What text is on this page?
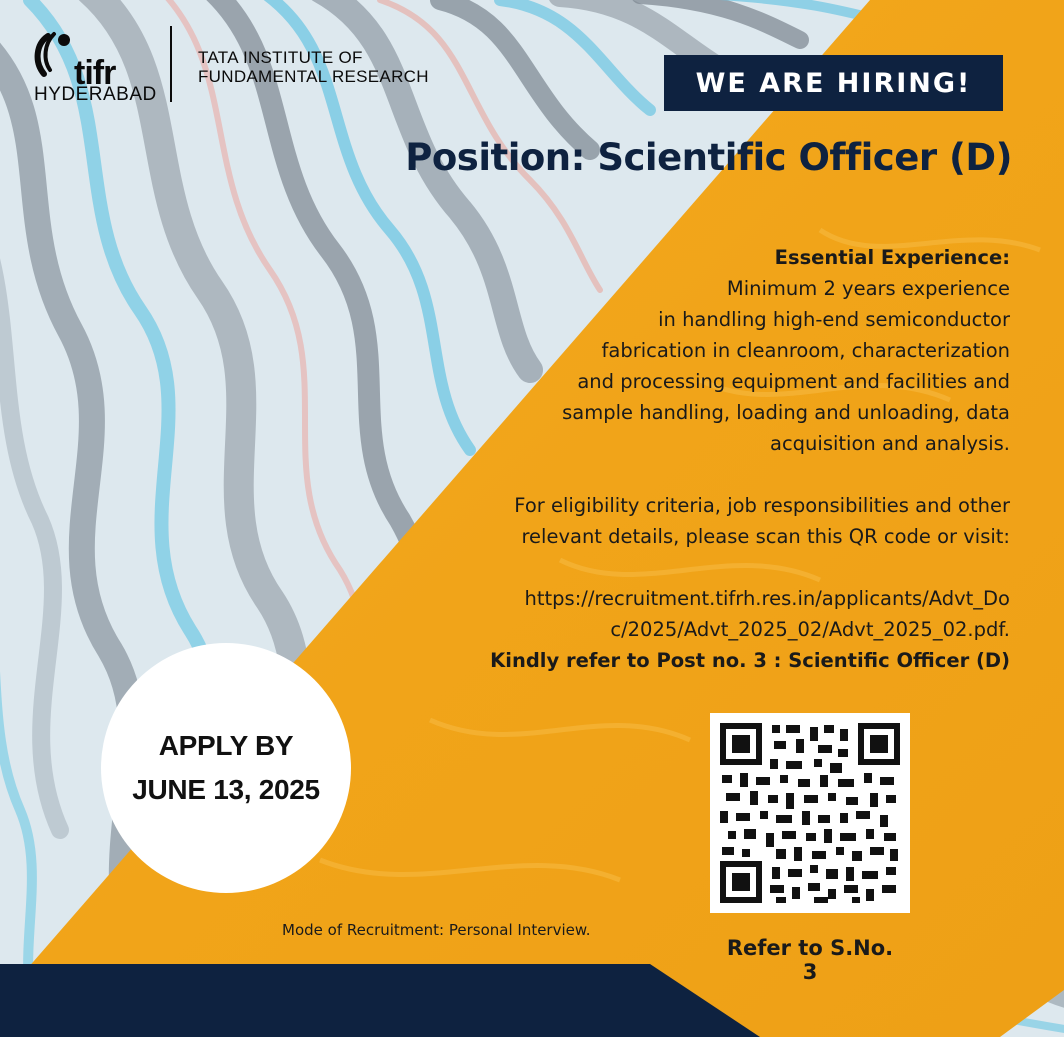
tifr
HYDERABAD
TATA INSTITUTE OF
FUNDAMENTAL RESEARCH	WE ARE HIRING!
Position: Scientific Officer (D)
Essential Experience:
Minimum 2 years experience
in handling high-end semiconductor
fabrication in cleanroom, characterization
and processing equipment and facilities and
sample handling, loading and unloading, data
acquisition and analysis.
For eligibility criteria, job responsibilities and other
relevant details, please scan this QR code or visit:
https://recruitment.tifrh.res.in/applicants/Advt_Do
c/2025/Advt_2025_02/Advt_2025_02.pdf.
Kindly refer to Post no. 3 : Scientific Officer (D)
APPLY BY
JUNE 13, 2025
Mode of Recruitment: Personal Interview.
Refer to S.No. 3
